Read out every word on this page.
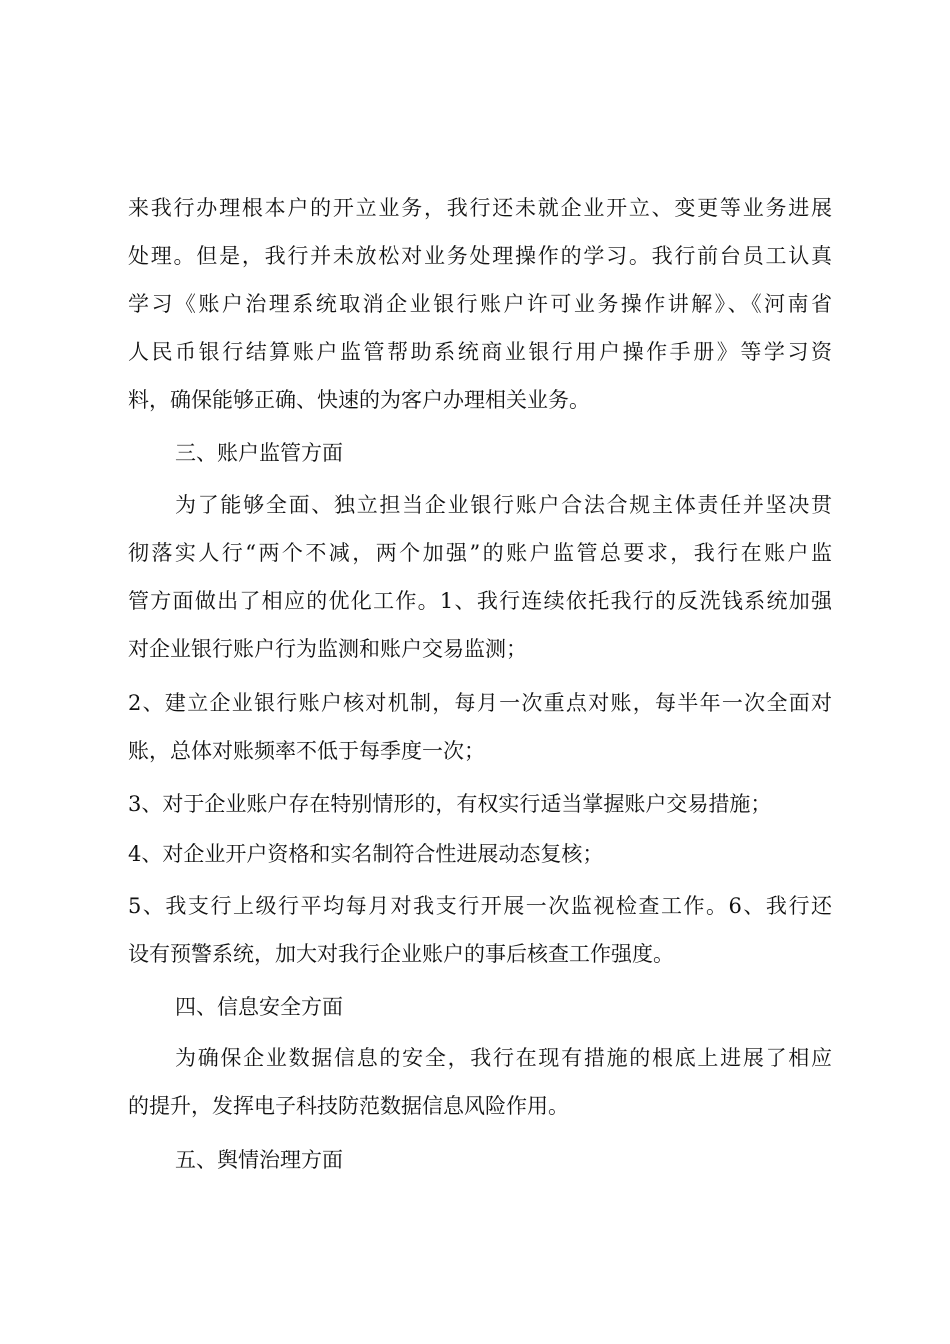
来我行办理根本户的开立业务，我行还未就企业开立、变更等业务进展
处理。但是，我行并未放松对业务处理操作的学习。我行前台员工认真
学习《账户治理系统取消企业银行账户许可业务操作讲解》、《河南省
人民币银行结算账户监管帮助系统商业银行用户操作手册》等学习资
料，确保能够正确、快速的为客户办理相关业务。
三、账户监管方面
为了能够全面、独立担当企业银行账户合法合规主体责任并坚决贯
彻落实人行“两个不减，两个加强”的账户监管总要求，我行在账户监
管方面做出了相应的优化工作。1、我行连续依托我行的反洗钱系统加强
对企业银行账户行为监测和账户交易监测；
2、建立企业银行账户核对机制，每月一次重点对账，每半年一次全面对
账，总体对账频率不低于每季度一次；
3、对于企业账户存在特别情形的，有权实行适当掌握账户交易措施；
4、对企业开户资格和实名制符合性进展动态复核；
5、我支行上级行平均每月对我支行开展一次监视检查工作。6、我行还
设有预警系统，加大对我行企业账户的事后核查工作强度。
四、信息安全方面
为确保企业数据信息的安全，我行在现有措施的根底上进展了相应
的提升，发挥电子科技防范数据信息风险作用。
五、舆情治理方面
